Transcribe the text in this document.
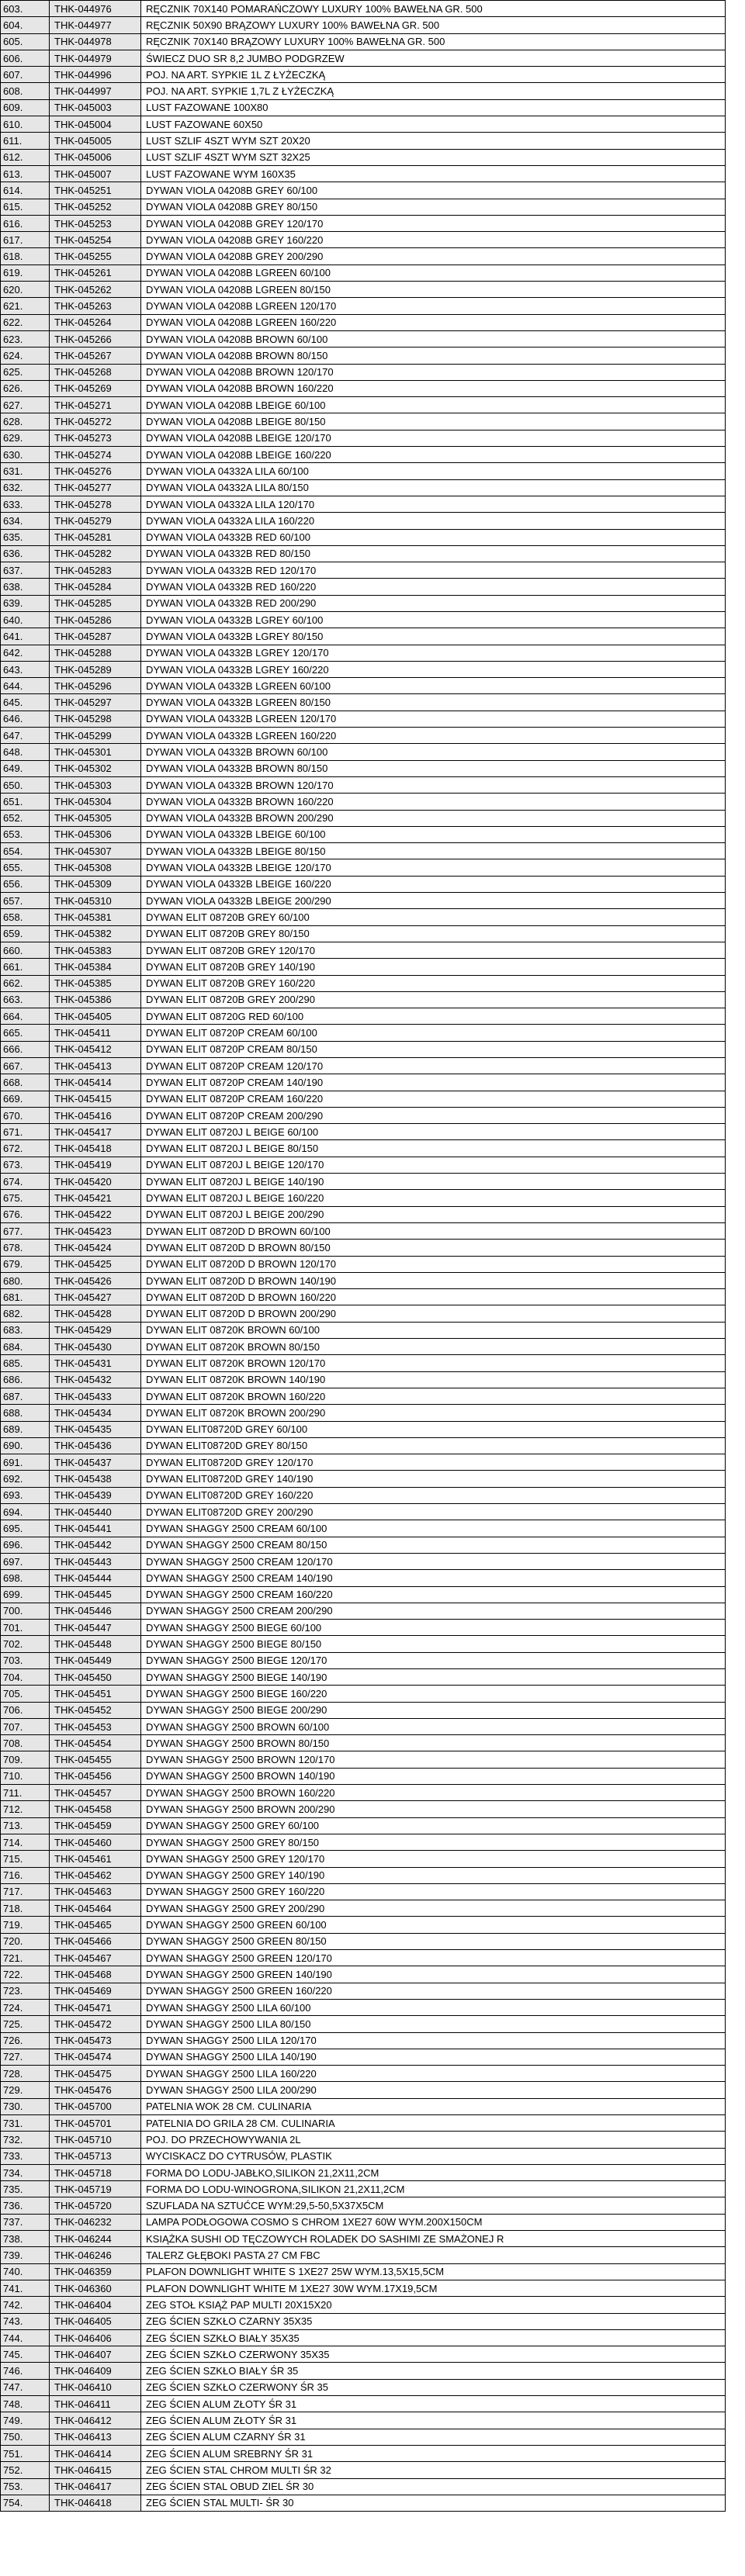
603.	THK-044976	RĘCZNIK 70X140 POMARAŃCZOWY LUXURY 100% BAWEŁNA GR. 500
604.	THK-044977	RĘCZNIK 50X90 BRĄZOWY LUXURY 100% BAWEŁNA GR. 500
605.	THK-044978	RĘCZNIK 70X140 BRĄZOWY LUXURY 100% BAWEŁNA GR. 500
606.	THK-044979	ŚWIECZ DUO SR 8,2 JUMBO PODGRZEW
607.	THK-044996	POJ. NA ART. SYPKIE 1L Z ŁYŻECZKĄ
608.	THK-044997	POJ. NA ART. SYPKIE 1,7L Z ŁYŻECZKĄ
609.	THK-045003	LUST FAZOWANE 100X80
610.	THK-045004	LUST FAZOWANE 60X50
611.	THK-045005	LUST SZLIF 4SZT WYM SZT 20X20
612.	THK-045006	LUST SZLIF 4SZT WYM SZT 32X25
613.	THK-045007	LUST FAZOWANE WYM 160X35
614.	THK-045251	DYWAN VIOLA 04208B GREY 60/100
615.	THK-045252	DYWAN VIOLA 04208B GREY 80/150
616.	THK-045253	DYWAN VIOLA 04208B GREY 120/170
617.	THK-045254	DYWAN VIOLA 04208B GREY 160/220
618.	THK-045255	DYWAN VIOLA 04208B GREY 200/290
619.	THK-045261	DYWAN VIOLA 04208B LGREEN 60/100
620.	THK-045262	DYWAN VIOLA 04208B LGREEN 80/150
621.	THK-045263	DYWAN VIOLA 04208B LGREEN 120/170
622.	THK-045264	DYWAN VIOLA 04208B LGREEN 160/220
623.	THK-045266	DYWAN VIOLA 04208B BROWN 60/100
624.	THK-045267	DYWAN VIOLA 04208B BROWN 80/150
625.	THK-045268	DYWAN VIOLA 04208B BROWN 120/170
626.	THK-045269	DYWAN VIOLA 04208B BROWN 160/220
627.	THK-045271	DYWAN VIOLA 04208B LBEIGE 60/100
628.	THK-045272	DYWAN VIOLA 04208B LBEIGE 80/150
629.	THK-045273	DYWAN VIOLA 04208B LBEIGE 120/170
630.	THK-045274	DYWAN VIOLA 04208B LBEIGE 160/220
631.	THK-045276	DYWAN VIOLA 04332A LILA 60/100
632.	THK-045277	DYWAN VIOLA 04332A LILA 80/150
633.	THK-045278	DYWAN VIOLA 04332A LILA 120/170
634.	THK-045279	DYWAN VIOLA 04332A LILA 160/220
635.	THK-045281	DYWAN VIOLA 04332B RED 60/100
636.	THK-045282	DYWAN VIOLA 04332B RED 80/150
637.	THK-045283	DYWAN VIOLA 04332B RED 120/170
638.	THK-045284	DYWAN VIOLA 04332B RED 160/220
639.	THK-045285	DYWAN VIOLA 04332B RED 200/290
640.	THK-045286	DYWAN VIOLA 04332B LGREY 60/100
641.	THK-045287	DYWAN VIOLA 04332B LGREY 80/150
642.	THK-045288	DYWAN VIOLA 04332B LGREY 120/170
643.	THK-045289	DYWAN VIOLA 04332B LGREY 160/220
644.	THK-045296	DYWAN VIOLA 04332B LGREEN 60/100
645.	THK-045297	DYWAN VIOLA 04332B LGREEN 80/150
646.	THK-045298	DYWAN VIOLA 04332B LGREEN 120/170
647.	THK-045299	DYWAN VIOLA 04332B LGREEN 160/220
648.	THK-045301	DYWAN VIOLA 04332B BROWN 60/100
649.	THK-045302	DYWAN VIOLA 04332B BROWN 80/150
650.	THK-045303	DYWAN VIOLA 04332B BROWN 120/170
651.	THK-045304	DYWAN VIOLA 04332B BROWN 160/220
652.	THK-045305	DYWAN VIOLA 04332B BROWN 200/290
653.	THK-045306	DYWAN VIOLA 04332B LBEIGE 60/100
654.	THK-045307	DYWAN VIOLA 04332B LBEIGE 80/150
655.	THK-045308	DYWAN VIOLA 04332B LBEIGE 120/170
656.	THK-045309	DYWAN VIOLA 04332B LBEIGE 160/220
657.	THK-045310	DYWAN VIOLA 04332B LBEIGE 200/290
658.	THK-045381	DYWAN ELIT 08720B GREY 60/100
659.	THK-045382	DYWAN ELIT 08720B GREY 80/150
660.	THK-045383	DYWAN ELIT 08720B GREY 120/170
661.	THK-045384	DYWAN ELIT 08720B GREY 140/190
662.	THK-045385	DYWAN ELIT 08720B GREY 160/220
663.	THK-045386	DYWAN ELIT 08720B GREY 200/290
664.	THK-045405	DYWAN ELIT 08720G RED 60/100
665.	THK-045411	DYWAN ELIT 08720P CREAM 60/100
666.	THK-045412	DYWAN ELIT 08720P CREAM 80/150
667.	THK-045413	DYWAN ELIT 08720P CREAM 120/170
668.	THK-045414	DYWAN ELIT 08720P CREAM 140/190
669.	THK-045415	DYWAN ELIT 08720P CREAM 160/220
670.	THK-045416	DYWAN ELIT 08720P CREAM 200/290
671.	THK-045417	DYWAN ELIT 08720J L BEIGE 60/100
672.	THK-045418	DYWAN ELIT 08720J L BEIGE 80/150
673.	THK-045419	DYWAN ELIT 08720J L BEIGE 120/170
674.	THK-045420	DYWAN ELIT 08720J L BEIGE 140/190
675.	THK-045421	DYWAN ELIT 08720J L BEIGE 160/220
676.	THK-045422	DYWAN ELIT 08720J L BEIGE 200/290
677.	THK-045423	DYWAN ELIT 08720D D BROWN 60/100
678.	THK-045424	DYWAN ELIT 08720D D BROWN 80/150
679.	THK-045425	DYWAN ELIT 08720D D BROWN 120/170
680.	THK-045426	DYWAN ELIT 08720D D BROWN 140/190
681.	THK-045427	DYWAN ELIT 08720D D BROWN 160/220
682.	THK-045428	DYWAN ELIT 08720D D BROWN 200/290
683.	THK-045429	DYWAN ELIT 08720K BROWN 60/100
684.	THK-045430	DYWAN ELIT 08720K BROWN 80/150
685.	THK-045431	DYWAN ELIT 08720K BROWN 120/170
686.	THK-045432	DYWAN ELIT 08720K BROWN 140/190
687.	THK-045433	DYWAN ELIT 08720K BROWN 160/220
688.	THK-045434	DYWAN ELIT 08720K BROWN 200/290
689.	THK-045435	DYWAN ELIT08720D GREY 60/100
690.	THK-045436	DYWAN ELIT08720D GREY 80/150
691.	THK-045437	DYWAN ELIT08720D GREY 120/170
692.	THK-045438	DYWAN ELIT08720D GREY 140/190
693.	THK-045439	DYWAN ELIT08720D GREY 160/220
694.	THK-045440	DYWAN ELIT08720D GREY 200/290
695.	THK-045441	DYWAN SHAGGY 2500 CREAM 60/100
696.	THK-045442	DYWAN SHAGGY 2500 CREAM 80/150
697.	THK-045443	DYWAN SHAGGY 2500 CREAM 120/170
698.	THK-045444	DYWAN SHAGGY 2500 CREAM 140/190
699.	THK-045445	DYWAN SHAGGY 2500 CREAM 160/220
700.	THK-045446	DYWAN SHAGGY 2500 CREAM 200/290
701.	THK-045447	DYWAN SHAGGY 2500 BIEGE 60/100
702.	THK-045448	DYWAN SHAGGY 2500 BIEGE 80/150
703.	THK-045449	DYWAN SHAGGY 2500 BIEGE 120/170
704.	THK-045450	DYWAN SHAGGY 2500 BIEGE 140/190
705.	THK-045451	DYWAN SHAGGY 2500 BIEGE 160/220
706.	THK-045452	DYWAN SHAGGY 2500 BIEGE 200/290
707.	THK-045453	DYWAN SHAGGY 2500 BROWN 60/100
708.	THK-045454	DYWAN SHAGGY 2500 BROWN 80/150
709.	THK-045455	DYWAN SHAGGY 2500 BROWN 120/170
710.	THK-045456	DYWAN SHAGGY 2500 BROWN 140/190
711.	THK-045457	DYWAN SHAGGY 2500 BROWN 160/220
712.	THK-045458	DYWAN SHAGGY 2500 BROWN 200/290
713.	THK-045459	DYWAN SHAGGY 2500 GREY 60/100
714.	THK-045460	DYWAN SHAGGY 2500 GREY 80/150
715.	THK-045461	DYWAN SHAGGY 2500 GREY 120/170
716.	THK-045462	DYWAN SHAGGY 2500 GREY 140/190
717.	THK-045463	DYWAN SHAGGY 2500 GREY 160/220
718.	THK-045464	DYWAN SHAGGY 2500 GREY 200/290
719.	THK-045465	DYWAN SHAGGY 2500 GREEN 60/100
720.	THK-045466	DYWAN SHAGGY 2500 GREEN 80/150
721.	THK-045467	DYWAN SHAGGY 2500 GREEN 120/170
722.	THK-045468	DYWAN SHAGGY 2500 GREEN 140/190
723.	THK-045469	DYWAN SHAGGY 2500 GREEN 160/220
724.	THK-045471	DYWAN SHAGGY 2500 LILA 60/100
725.	THK-045472	DYWAN SHAGGY 2500 LILA 80/150
726.	THK-045473	DYWAN SHAGGY 2500 LILA 120/170
727.	THK-045474	DYWAN SHAGGY 2500 LILA 140/190
728.	THK-045475	DYWAN SHAGGY 2500 LILA 160/220
729.	THK-045476	DYWAN SHAGGY 2500 LILA 200/290
730.	THK-045700	PATELNIA WOK 28 CM. CULINARIA
731.	THK-045701	PATELNIA DO GRILA 28 CM. CULINARIA
732.	THK-045710	POJ. DO PRZECHOWYWANIA 2L
733.	THK-045713	WYCISKACZ DO CYTRUSÓW, PLASTIK
734.	THK-045718	FORMA DO LODU-JABŁKO,SILIKON 21,2X11,2CM
735.	THK-045719	FORMA DO LODU-WINOGRONA,SILIKON 21,2X11,2CM
736.	THK-045720	SZUFLADA NA SZTUĆCE WYM:29,5-50,5X37X5CM
737.	THK-046232	LAMPA PODŁOGOWA COSMO S CHROM 1XE27 60W WYM.200X150CM
738.	THK-046244	KSIĄŻKA SUSHI OD TĘCZOWYCH ROLADEK DO SASHIMI ZE SMAŻONEJ R
739.	THK-046246	TALERZ GŁĘBOKI PASTA 27 CM FBC
740.	THK-046359	PLAFON DOWNLIGHT WHITE S 1XE27 25W WYM.13,5X15,5CM
741.	THK-046360	PLAFON DOWNLIGHT WHITE M 1XE27 30W WYM.17X19,5CM
742.	THK-046404	ZEG STOŁ KSIĄŻ PAP MULTI 20X15X20
743.	THK-046405	ZEG ŚCIEN SZKŁO CZARNY 35X35
744.	THK-046406	ZEG ŚCIEN SZKŁO BIAŁY 35X35
745.	THK-046407	ZEG ŚCIEN SZKŁO CZERWONY 35X35
746.	THK-046409	ZEG ŚCIEN SZKŁO BIAŁY ŚR 35
747.	THK-046410	ZEG ŚCIEN SZKŁO CZERWONY ŚR 35
748.	THK-046411	ZEG ŚCIEN ALUM ZŁOTY ŚR 31
749.	THK-046412	ZEG ŚCIEN ALUM ZŁOTY ŚR 31
750.	THK-046413	ZEG ŚCIEN ALUM CZARNY ŚR 31
751.	THK-046414	ZEG ŚCIEN ALUM SREBRNY ŚR 31
752.	THK-046415	ZEG ŚCIEN STAL CHROM MULTI ŚR 32
753.	THK-046417	ZEG ŚCIEN STAL OBUD ZIEL ŚR 30
754.	THK-046418	ZEG ŚCIEN STAL MULTI- ŚR 30
